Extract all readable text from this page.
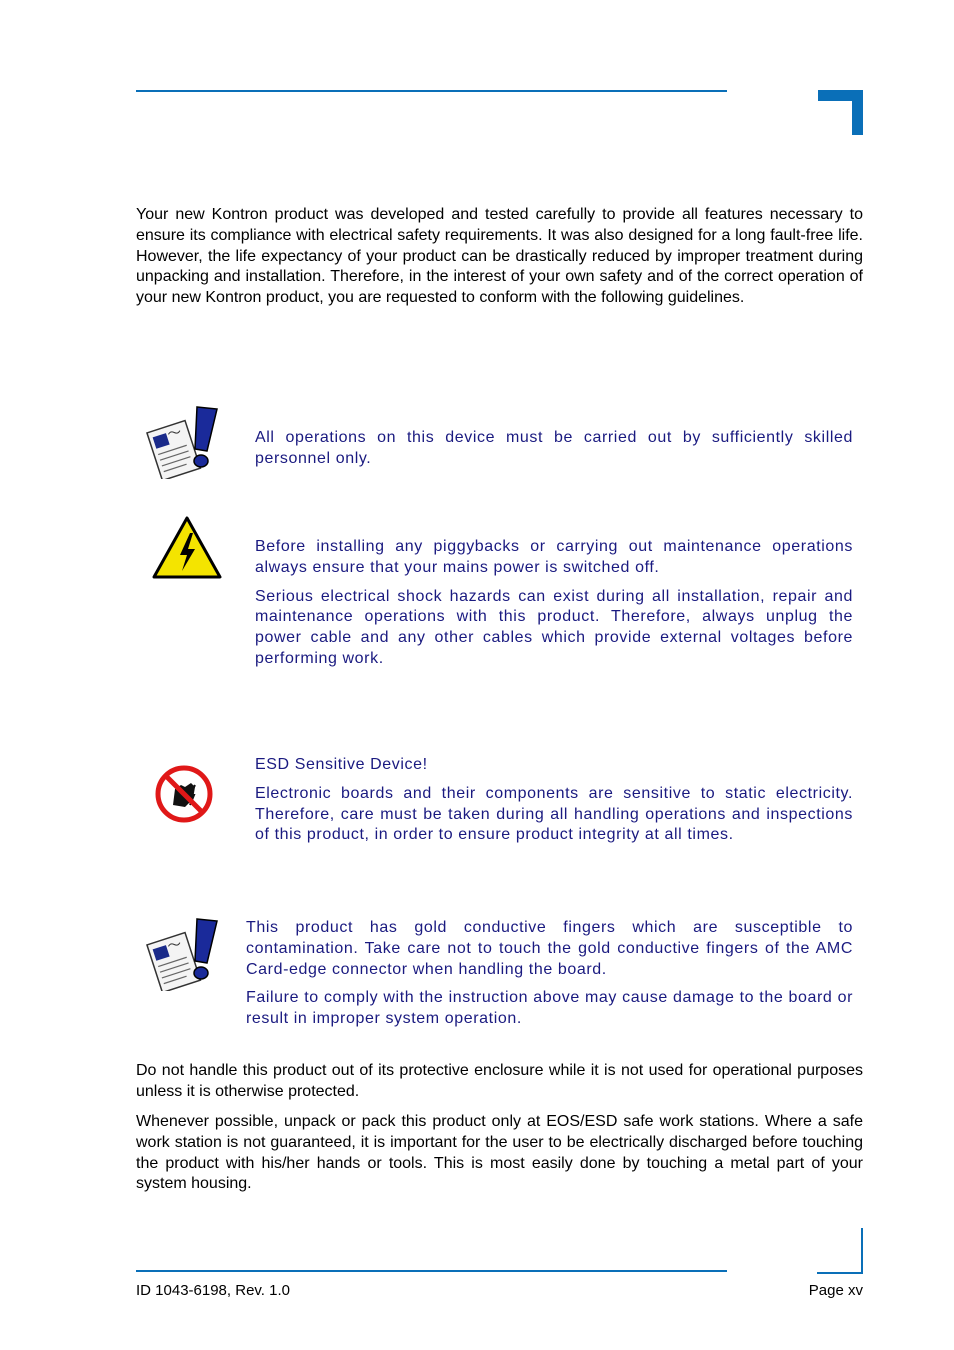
Your new Kontron product was developed and tested carefully to provide all features necessary to ensure its compliance with electrical safety requirements. It was also designed for a long fault-free life. However, the life expectancy of your product can be drastically reduced by improper treatment during unpacking and installation. Therefore, in the interest of your own safety and of the correct operation of your new Kontron product, you are requested to conform with the following guidelines.

All operations on this device must be carried out by sufficiently skilled personnel only.

Before installing any piggybacks or carrying out maintenance operations always ensure that your mains power is switched off.

Serious electrical shock hazards can exist during all installation, repair and maintenance operations with this product. Therefore, always unplug the power cable and any other cables which provide external voltages before performing work.

ESD Sensitive Device!

Electronic boards and their components are sensitive to static electricity. Therefore, care must be taken during all handling operations and inspections of this product, in order to ensure product integrity at all times.

This product has gold conductive fingers which are susceptible to contamination. Take care not to touch the gold conductive fingers of the AMC Card-edge connector when handling the board.

Failure to comply with the instruction above may cause damage to the board or result in improper system operation.

Do not handle this product out of its protective enclosure while it is not used for operational purposes unless it is otherwise protected.
Whenever possible, unpack or pack this product only at EOS/ESD safe work stations. Where a safe work station is not guaranteed, it is important for the user to be electrically discharged before touching the product with his/her hands or tools. This is most easily done by touching a metal part of your system housing.
ID 1043-6198, Rev. 1.0	Page xv
